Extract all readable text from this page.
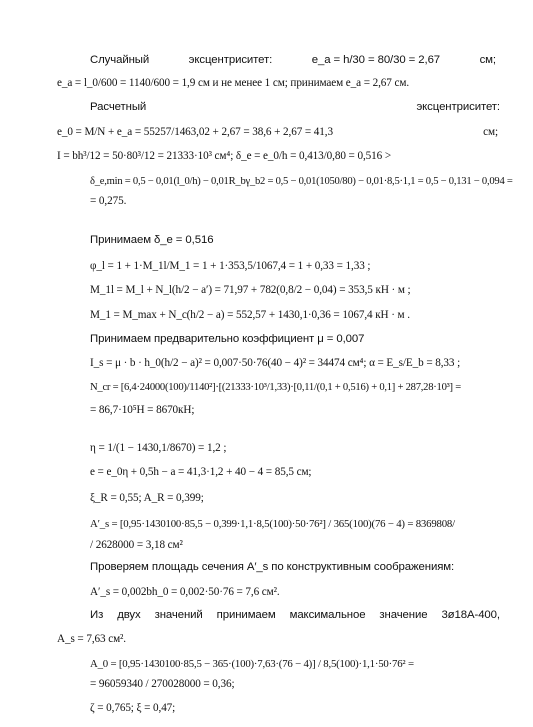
Случайный	эксцентриситет:	e_a = h/30 = 80/30 = 2,67	см;
e_a = l_0/600 = 1140/600 = 1,9 см и не менее 1 см; принимаем e_a = 2,67 см.
Расчетный	эксцентриситет:
e_0 = M/N + e_a = 55257/1463,02 + 2,67 = 38,6 + 2,67 = 41,3	см;
I = bh³/12 = 50·80³/12 = 21333·10³ см⁴; δ_e = e_0/h = 0,413/0,80 = 0,516 >
δ_e,min = 0,5 − 0,01(l_0/h) − 0,01R_bγ_b2 = 0,5 − 0,01(1050/80) − 0,01·8,5·1,1 = 0,5 − 0,131 − 0,094 =
= 0,275.
Принимаем δ_e = 0,516
φ_l = 1 + 1·M_1l/M_1 = 1 + 1·353,5/1067,4 = 1 + 0,33 = 1,33 ;
M_1l = M_l + N_l(h/2 − a′) = 71,97 + 782(0,8/2 − 0,04) = 353,5 кН · м ;
M_1 = M_max + N_c(h/2 − a) = 552,57 + 1430,1·0,36 = 1067,4 кН · м .
Принимаем предварительно коэффициент μ = 0,007
I_s = μ · b · h_0(h/2 − a)² = 0,007·50·76(40 − 4)² = 34474 см⁴; α = E_s/E_b = 8,33 ;
N_cr = [6,4·24000(100)/1140²]·[(21333·10³/1,33)·[0,11/(0,1 + 0,516) + 0,1] + 287,28·10³] =
= 86,7·10⁵Н = 8670кН;
η = 1/(1 − 1430,1/8670) = 1,2 ;
e = e_0η + 0,5h − a = 41,3·1,2 + 40 − 4 = 85,5 см;
ξ_R = 0,55; A_R = 0,399;
A′_s = [0,95·1430100·85,5 − 0,399·1,1·8,5(100)·50·76²] / 365(100)(76 − 4) = 8369808/
/ 2628000 = 3,18 см²
Проверяем площадь сечения A′_s по конструктивным соображениям:
A′_s = 0,002bh_0 = 0,002·50·76 = 7,6 см².
Из двух значений принимаем максимальное значение 3ø18А-400,
A_s = 7,63 см².
A_0 = [0,95·1430100·85,5 − 365·(100)·7,63·(76 − 4)] / 8,5(100)·1,1·50·76² =
= 96059340 / 270028000 = 0,36;
ζ = 0,765; ξ = 0,47;
